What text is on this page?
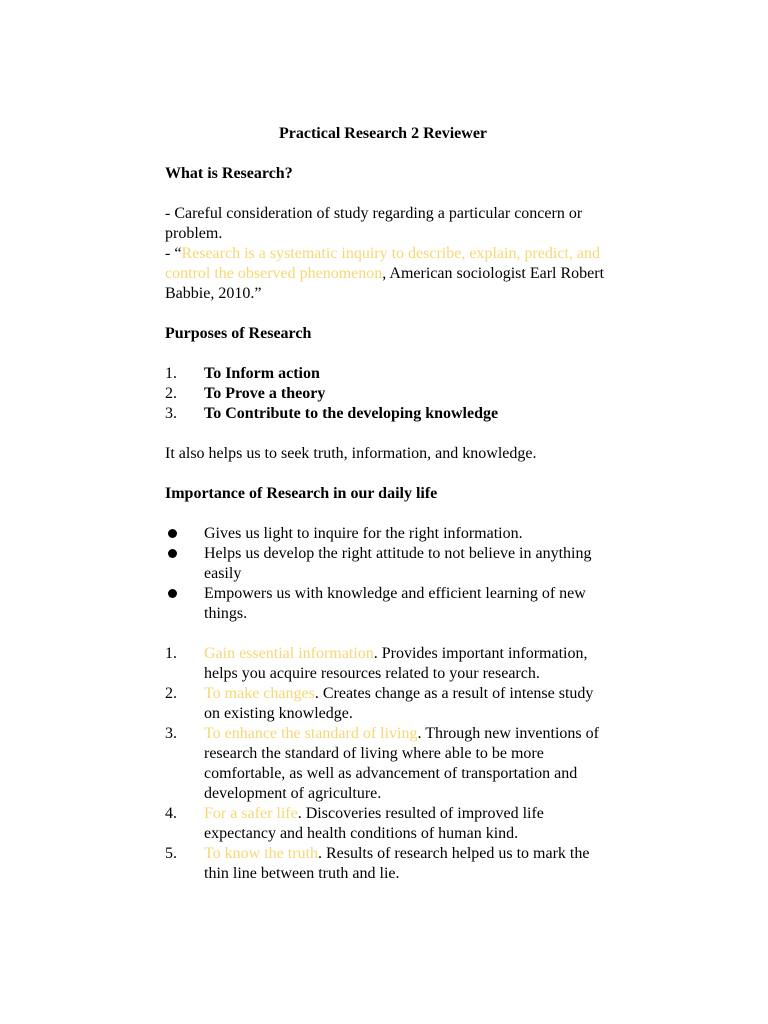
Practical Research 2 Reviewer

What is Research?

- Careful consideration of study regarding a particular concern or problem.

- “Research is a systematic inquiry to describe, explain, predict, and control the observed phenomenon, American sociologist Earl Robert Babbie, 2010.”

Purposes of Research

1.	To Inform action
2.	To Prove a theory
3.	To Contribute to the developing knowledge

It also helps us to seek truth, information, and knowledge.

Importance of Research in our daily life

Gives us light to inquire for the right information.
Helps us develop the right attitude to not believe in anything easily
Empowers us with knowledge and efficient learning of new things.
1.	Gain essential information. Provides important information, helps you acquire resources related to your research.
2.	To make changes. Creates change as a result of intense study on existing knowledge.
3.	To enhance the standard of living. Through new inventions of research the standard of living where able to be more comfortable, as well as advancement of transportation and development of agriculture.
4.	For a safer life. Discoveries resulted of improved life expectancy and health conditions of human kind.
5.	To know the truth. Results of research helped us to mark the thin line between truth and lie.
